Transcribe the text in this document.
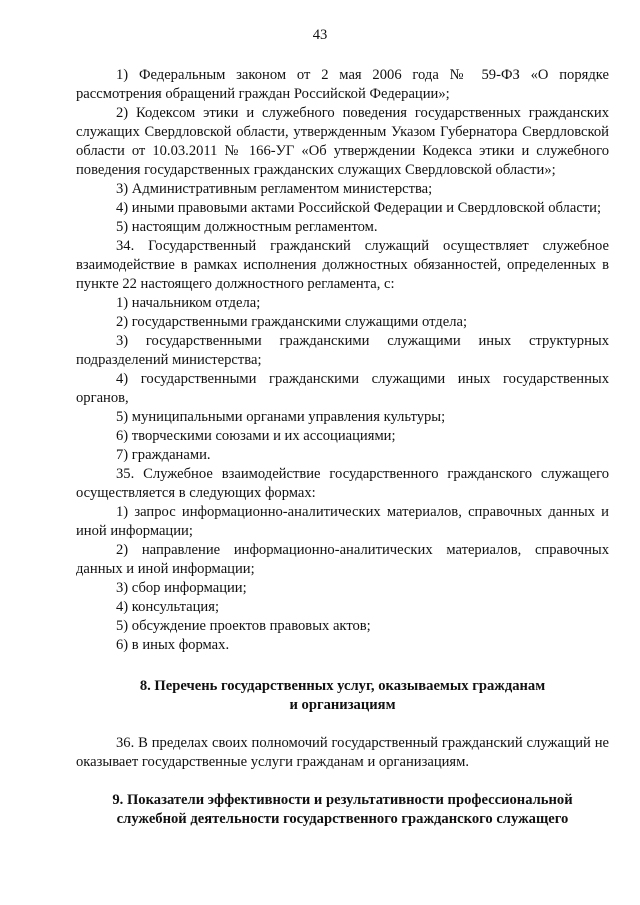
43

1) Федеральным законом от 2 мая 2006 года № 59-ФЗ «О порядке рассмотрения обращений граждан Российской Федерации»;

2) Кодексом этики и служебного поведения государственных гражданских служащих Свердловской области, утвержденным Указом Губернатора Свердловской области от 10.03.2011 № 166-УГ «Об утверждении Кодекса этики и служебного поведения государственных гражданских служащих Свердловской области»;

3) Административным регламентом министерства;

4) иными правовыми актами Российской Федерации и Свердловской области;

5) настоящим должностным регламентом.

34. Государственный гражданский служащий осуществляет служебное взаимодействие в рамках исполнения должностных обязанностей, определенных в пункте 22 настоящего должностного регламента, с:

1) начальником отдела;

2) государственными гражданскими служащими отдела;

3) государственными гражданскими служащими иных структурных подразделений министерства;

4) государственными гражданскими служащими иных государственных органов,

5) муниципальными органами управления культуры;

6) творческими союзами и их ассоциациями;

7) гражданами.

35. Служебное взаимодействие государственного гражданского служащего осуществляется в следующих формах:

1) запрос информационно-аналитических материалов, справочных данных и иной информации;

2) направление информационно-аналитических материалов, справочных данных и иной информации;

3) сбор информации;

4) консультация;

5) обсуждение проектов правовых актов;

6) в иных формах.

8. Перечень государственных услуг, оказываемых гражданам
и организациям

36. В пределах своих полномочий государственный гражданский служащий не оказывает государственные услуги гражданам и организациям.

9. Показатели эффективности и результативности профессиональной
служебной деятельности государственного гражданского служащего
